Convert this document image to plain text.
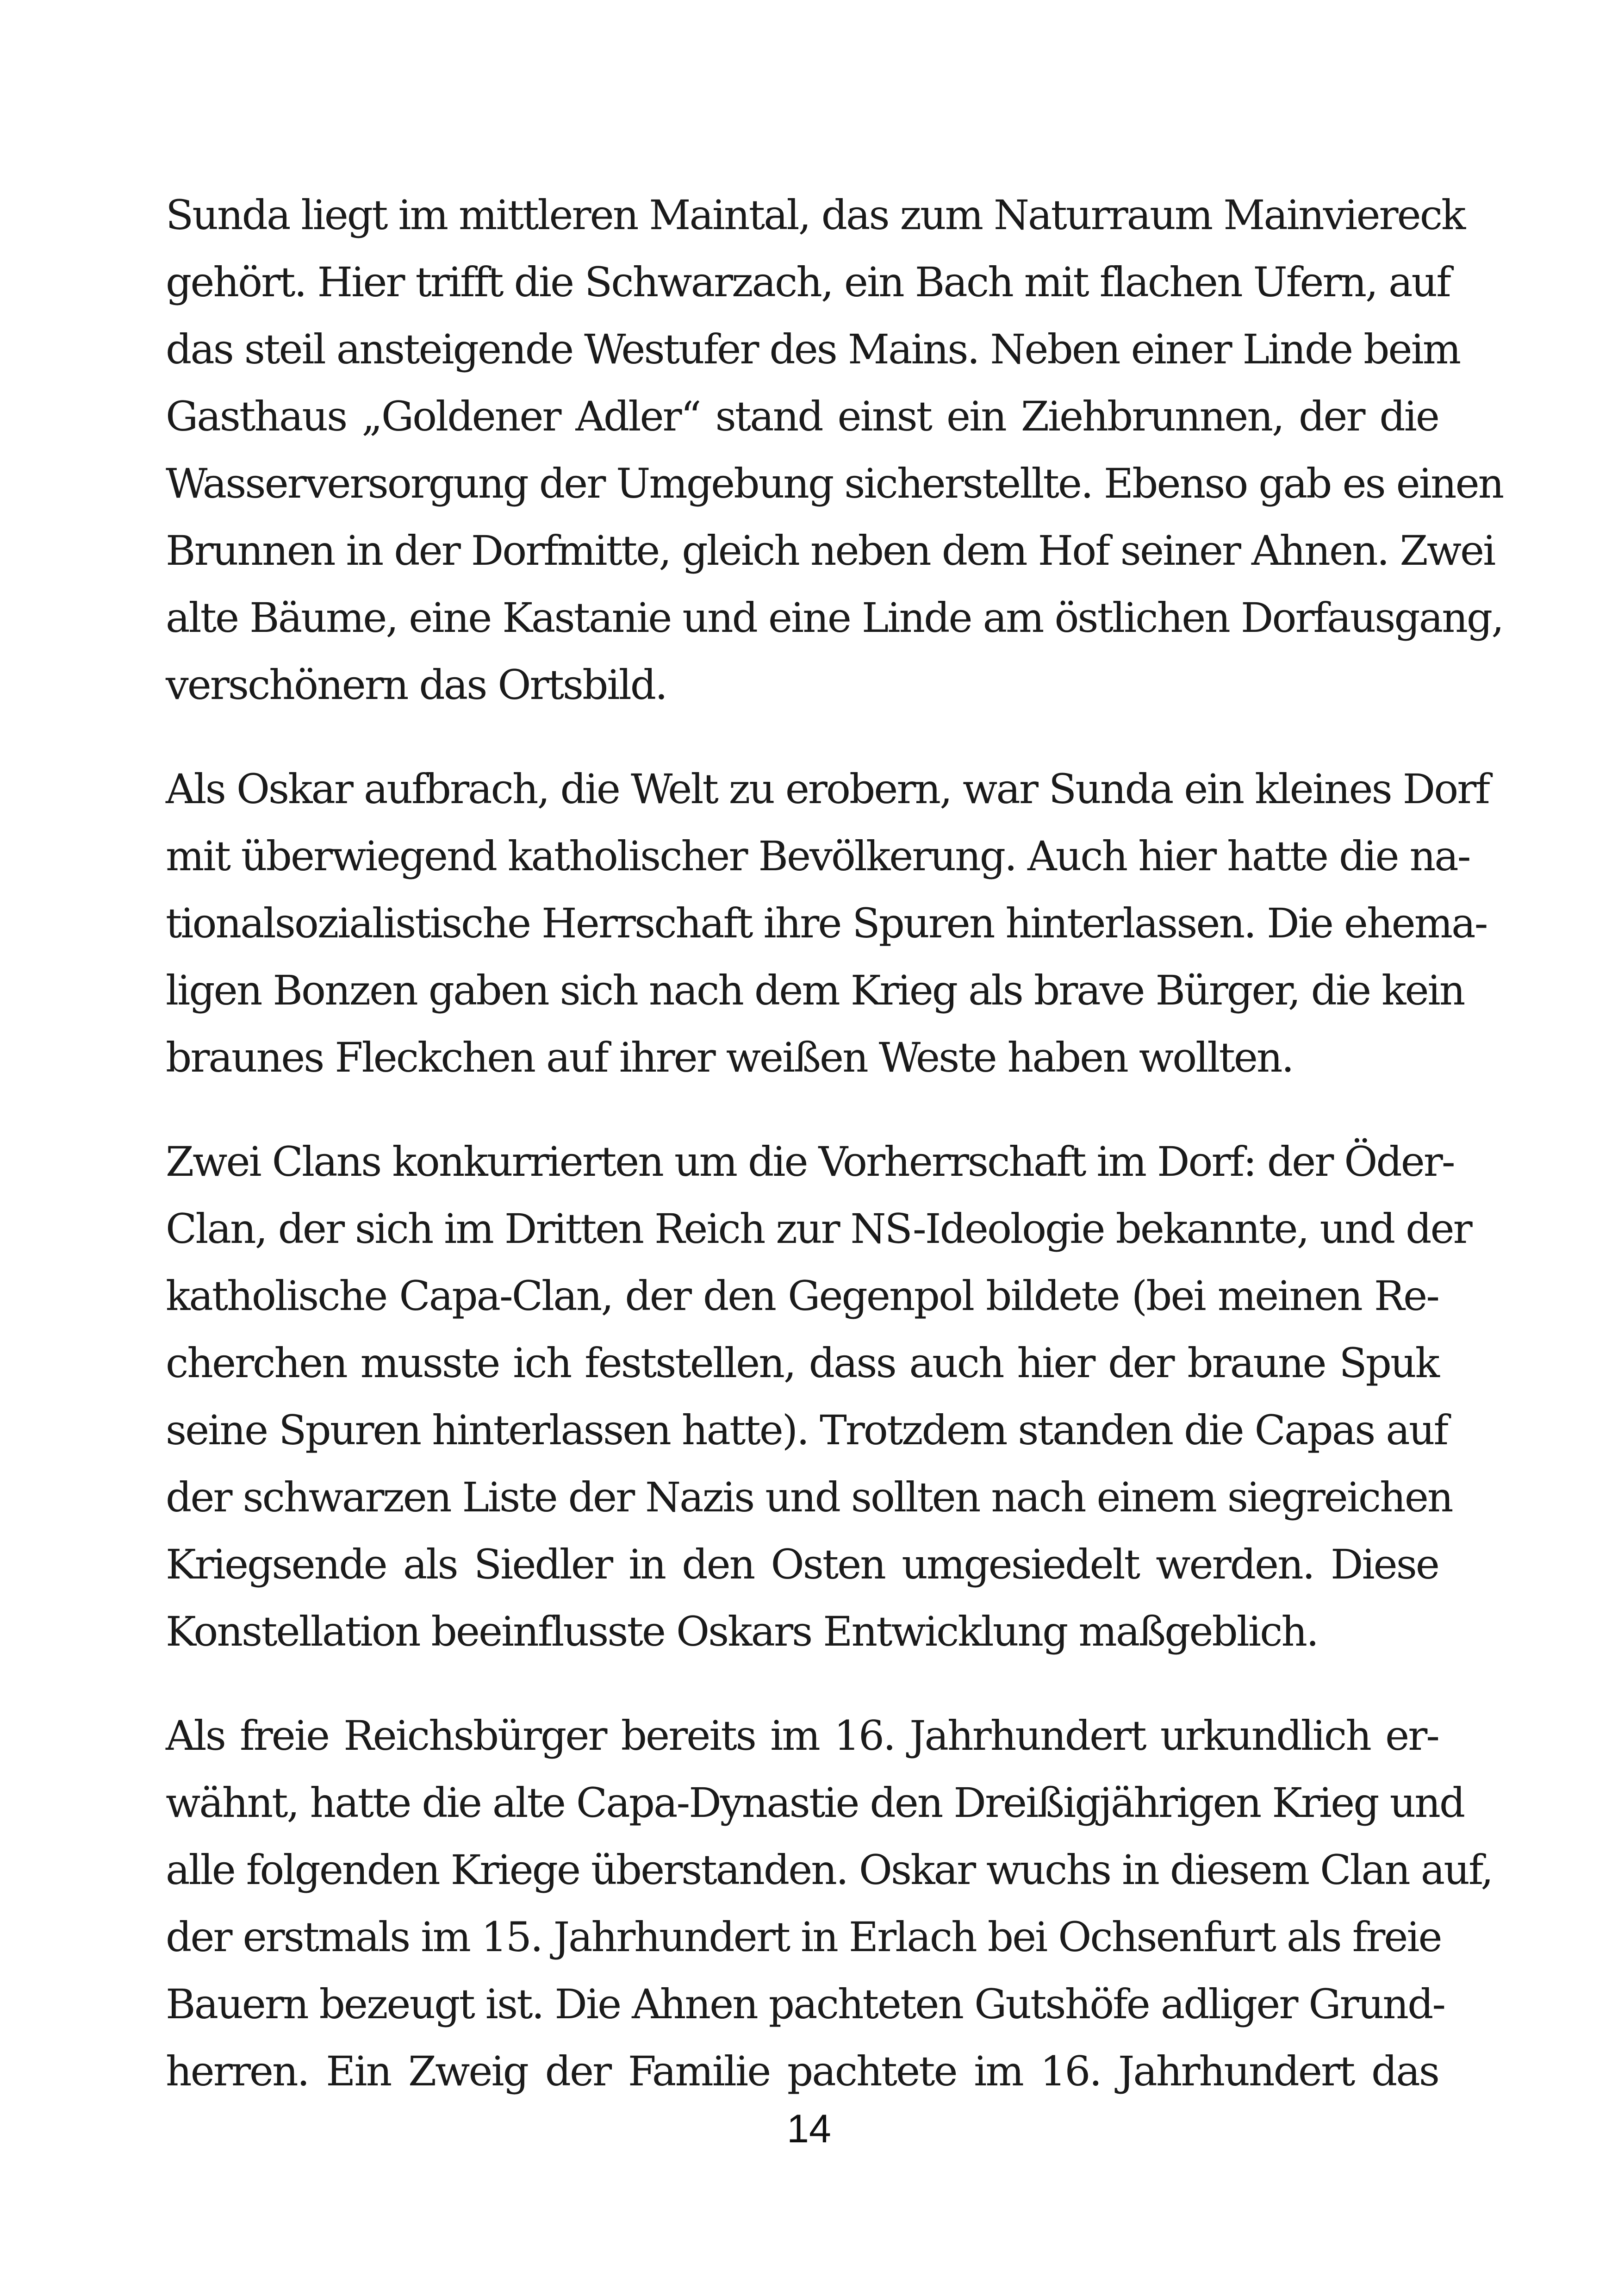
Sunda liegt im mittleren Maintal, das zum Naturraum Mainviereck
gehört. Hier trifft die Schwarzach, ein Bach mit flachen Ufern, auf
das steil ansteigende Westufer des Mains. Neben einer Linde beim
Gasthaus „Goldener Adler“ stand einst ein Ziehbrunnen, der die
Wasserversorgung der Umgebung sicherstellte. Ebenso gab es einen
Brunnen in der Dorfmitte, gleich neben dem Hof seiner Ahnen. Zwei
alte Bäume, eine Kastanie und eine Linde am östlichen Dorfausgang,
verschönern das Ortsbild.
Als Oskar aufbrach, die Welt zu erobern, war Sunda ein kleines Dorf
mit überwiegend katholischer Bevölkerung. Auch hier hatte die na-
tionalsozialistische Herrschaft ihre Spuren hinterlassen. Die ehema-
ligen Bonzen gaben sich nach dem Krieg als brave Bürger, die kein
braunes Fleckchen auf ihrer weißen Weste haben wollten.
Zwei Clans konkurrierten um die Vorherrschaft im Dorf: der Öder-
Clan, der sich im Dritten Reich zur NS-Ideologie bekannte, und der
katholische Capa-Clan, der den Gegenpol bildete (bei meinen Re-
cherchen musste ich feststellen, dass auch hier der braune Spuk
seine Spuren hinterlassen hatte). Trotzdem standen die Capas auf
der schwarzen Liste der Nazis und sollten nach einem siegreichen
Kriegsende als Siedler in den Osten umgesiedelt werden. Diese
Konstellation beeinflusste Oskars Entwicklung maßgeblich.
Als freie Reichsbürger bereits im 16. Jahrhundert urkundlich er-
wähnt, hatte die alte Capa-Dynastie den Dreißigjährigen Krieg und
alle folgenden Kriege überstanden. Oskar wuchs in diesem Clan auf,
der erstmals im 15. Jahrhundert in Erlach bei Ochsenfurt als freie
Bauern bezeugt ist. Die Ahnen pachteten Gutshöfe adliger Grund-
herren. Ein Zweig der Familie pachtete im 16. Jahrhundert das
14
